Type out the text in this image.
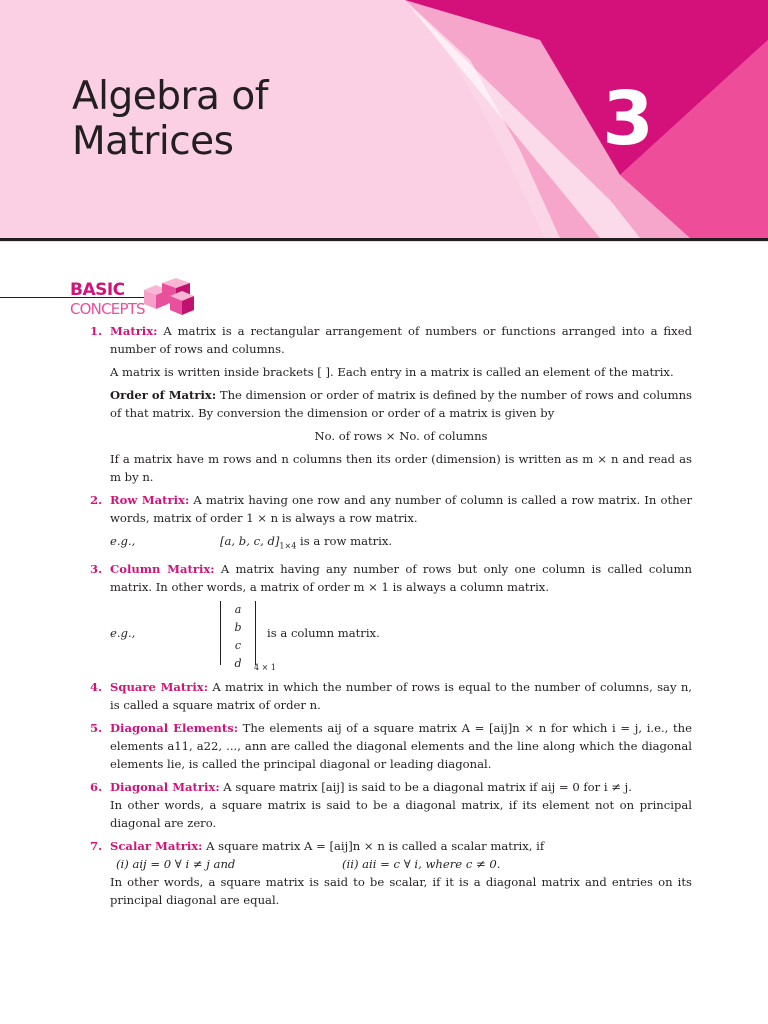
Algebra of
Matrices	3
BASIC
CONCEPTS
1. Matrix: A matrix is a rectangular arrangement of numbers or functions arranged into a fixed number of rows and columns.

A matrix is written inside brackets [ ]. Each entry in a matrix is called an element of the matrix.

Order of Matrix: The dimension or order of matrix is defined by the number of rows and columns of that matrix. By conversion the dimension or order of a matrix is given by

No. of rows × No. of columns

If a matrix have m rows and n columns then its order (dimension) is written as m × n and read as m by n.

2. Row Matrix: A matrix having one row and any number of column is called a row matrix. In other words, matrix of order 1 × n is always a row matrix.

e.g.,	[a, b, c, $d]_{1\times 4}$ is a row matrix.

3. Column Matrix: A matrix having any number of rows but only one column is called column matrix. In other words, a matrix of order m × 1 is always a column matrix.

e.g.,
a
b
c
d	4 × 1
is a column matrix.
4. Square Matrix: A matrix in which the number of rows is equal to the number of columns, say n, is called a square matrix of order n.

5. Diagonal Elements: The elements aij of a square matrix A = [aij]n × n for which i = j, i.e., the elements a11, a22, ..., ann are called the diagonal elements and the line along which the diagonal elements lie, is called the principal diagonal or leading diagonal.

6. Diagonal Matrix: A square matrix [aij] is said to be a diagonal matrix if aij = 0 for i ≠ j.

In other words, a square matrix is said to be a diagonal matrix, if its element not on principal diagonal are zero.

7. Scalar Matrix: A square matrix A = [aij]n × n is called a scalar matrix, if

(i) aij = 0 ∀ i ≠ j and	(ii) aii = c ∀ i, where c ≠ 0.

In other words, a square matrix is said to be scalar, if it is a diagonal matrix and entries on its principal diagonal are equal.
